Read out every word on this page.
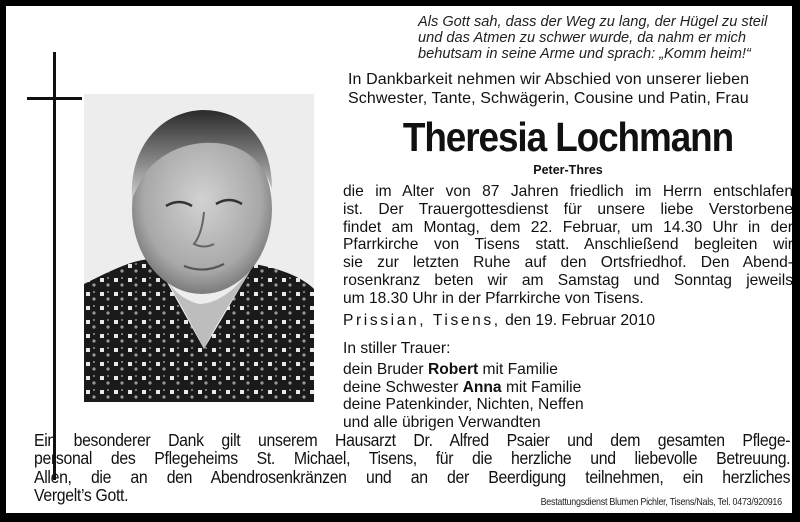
Als Gott sah, dass der Weg zu lang, der Hügel zu steil
und das Atmen zu schwer wurde, da nahm er mich
behutsam in seine Arme und sprach: „Komm heim!“
In Dankbarkeit nehmen wir Abschied von unserer lieben
Schwester, Tante, Schwägerin, Cousine und Patin, Frau
Theresia Lochmann
Peter-Thres
die im Alter von 87 Jahren friedlich im Herrn entschlafen
ist. Der Trauergottesdienst für unsere liebe Verstorbene
findet am Montag, dem 22. Februar, um 14.30 Uhr in der
Pfarrkirche von Tisens statt. Anschließend begleiten wir
sie zur letzten Ruhe auf den Ortsfriedhof. Den Abend-
rosenkranz beten wir am Samstag und Sonntag jeweils
um 18.30 Uhr in der Pfarrkirche von Tisens.
Prissian, Tisens, den 19. Februar 2010
In stiller Trauer:
dein Bruder Robert mit Familie
deine Schwester Anna mit Familie
deine Patenkinder, Nichten, Neffen
und alle übrigen Verwandten
Ein besonderer Dank gilt unserem Hausarzt Dr. Alfred Psaier und dem gesamten Pflege-
personal des Pflegeheims St. Michael, Tisens, für die herzliche und liebevolle Betreuung.
Allen, die an den Abendrosenkränzen und an der Beerdigung teilnehmen, ein herzliches
Vergelt’s Gott.	Bestattungsdienst Blumen Pichler, Tisens/Nals, Tel. 0473/920916
